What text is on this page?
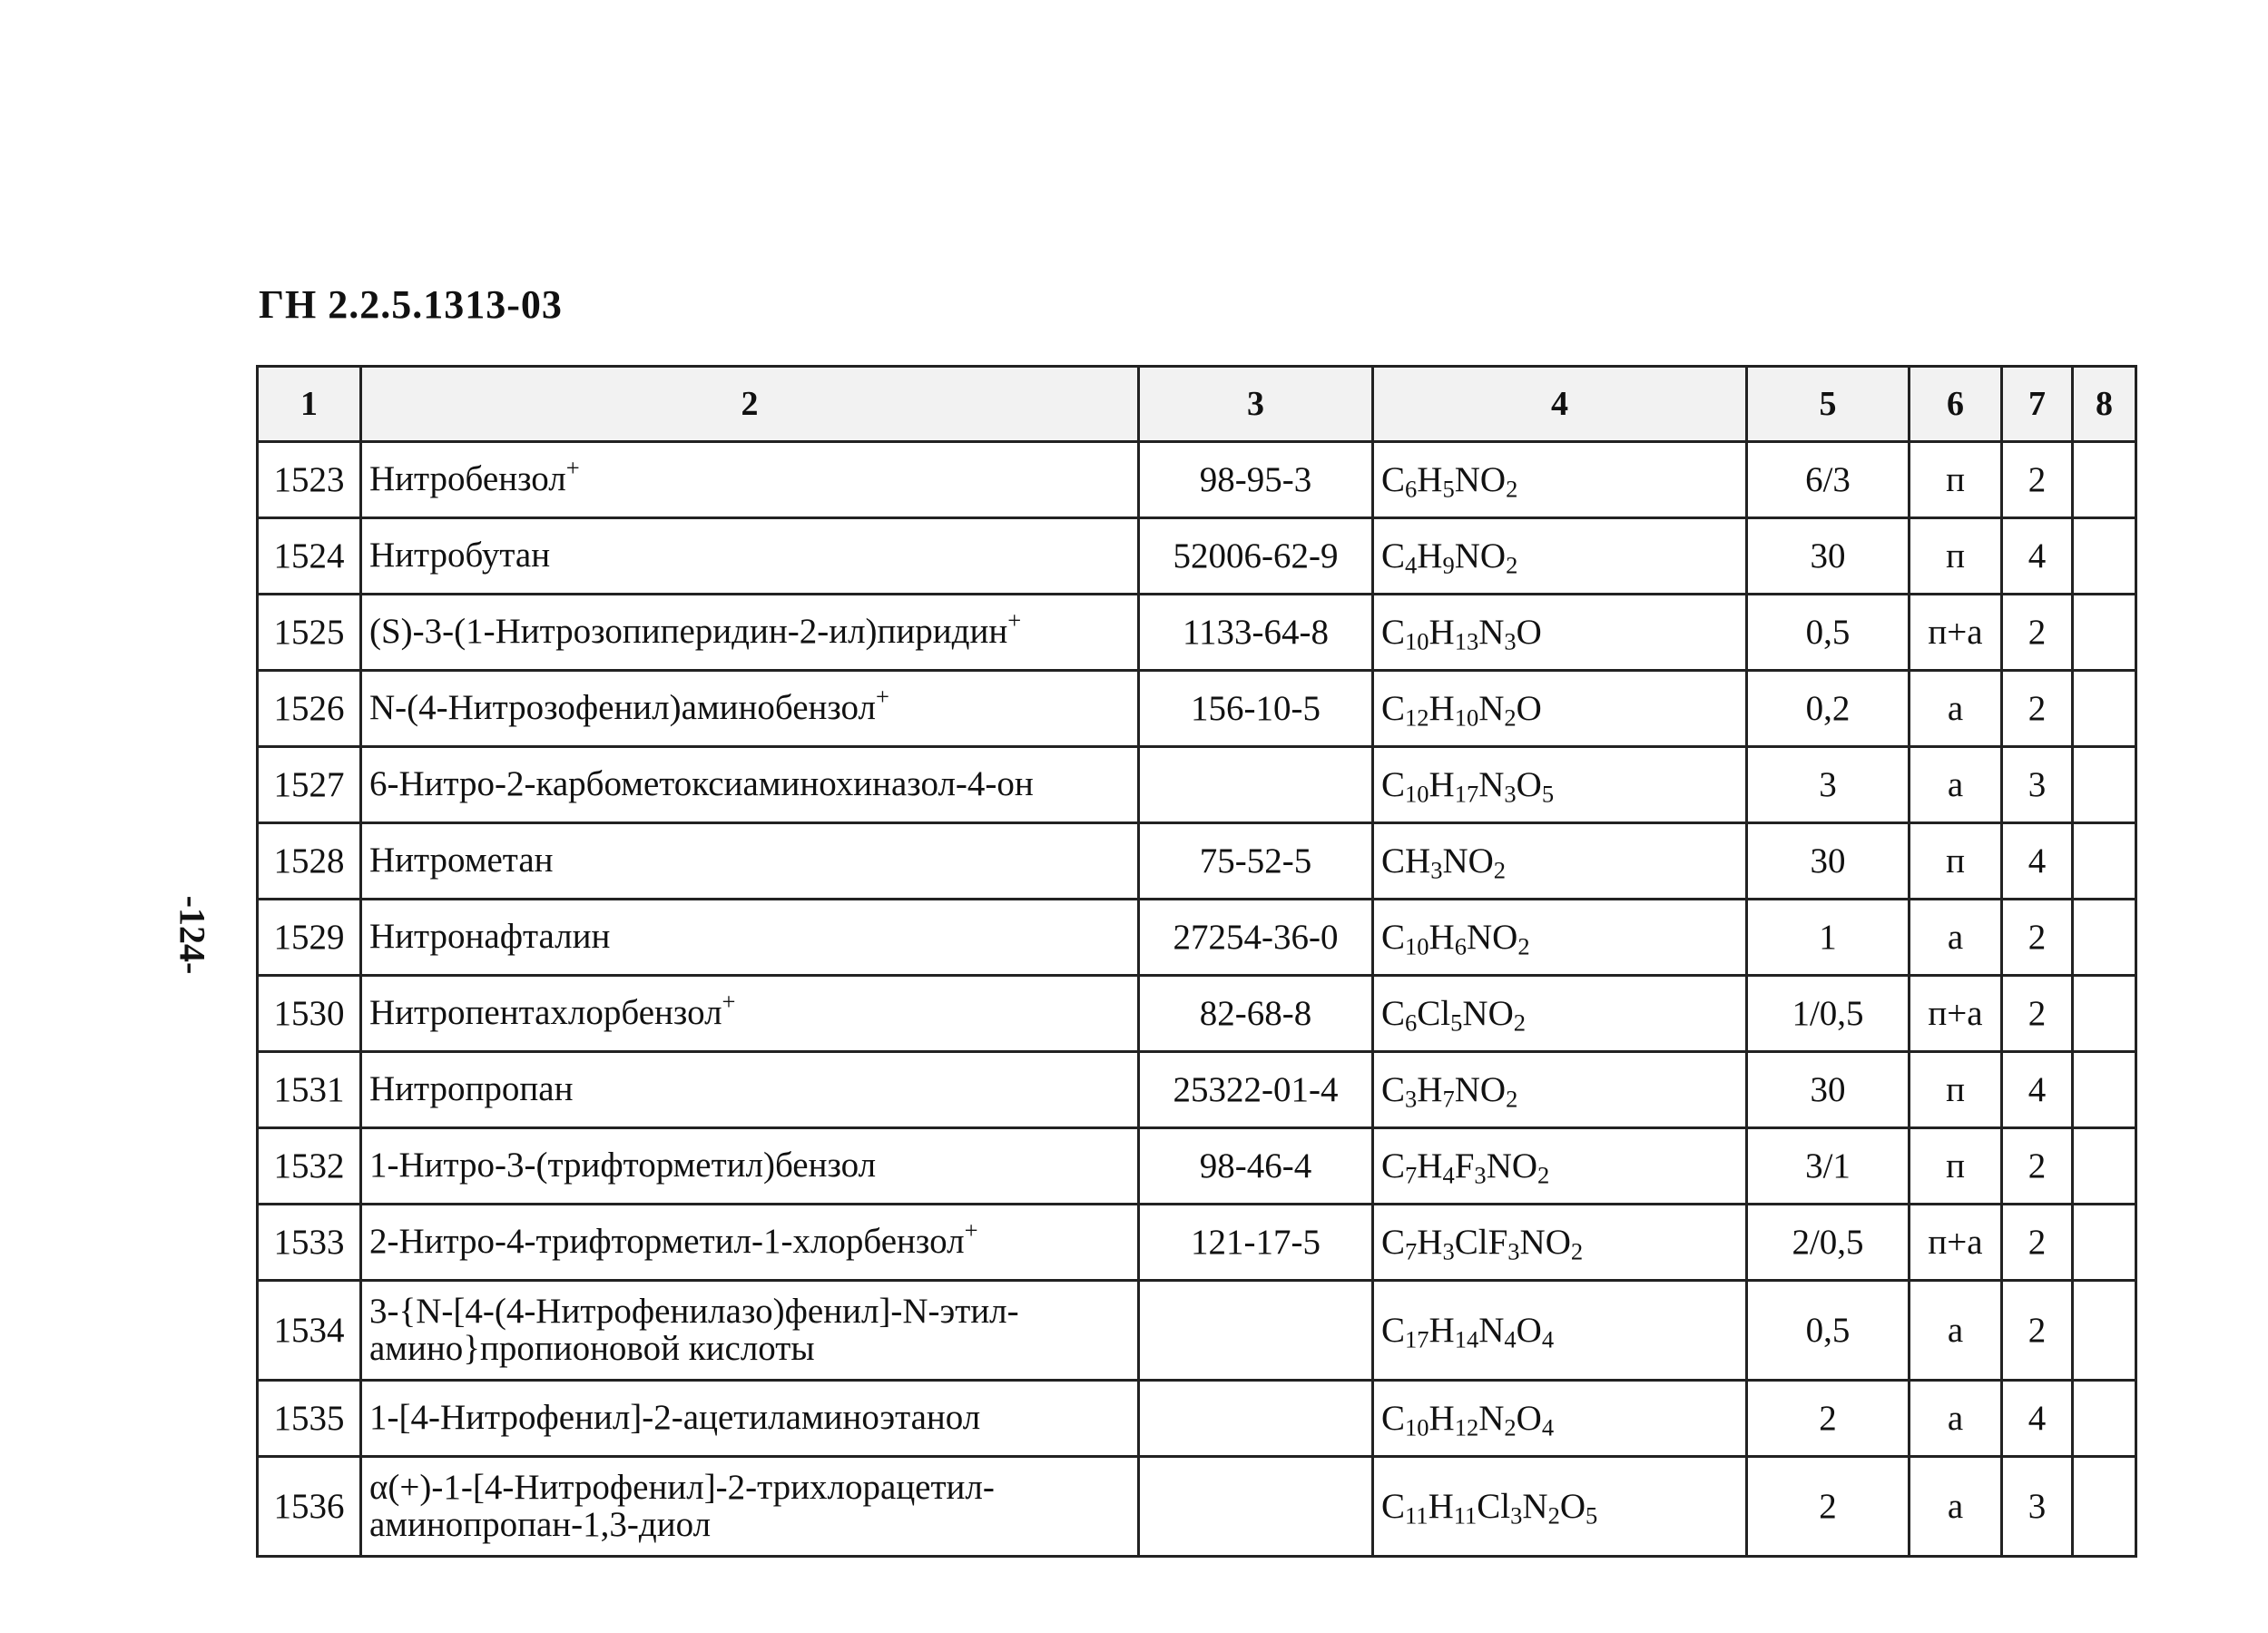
ГН 2.2.5.1313-03
-124-
1	2	3	4	5	6	7	8
1523	Нитробензол+	98-95-3	$C_6H_5NO_2$	6/3	п	2	
1524	Нитробутан	52006-62-9	$C_4H_9NO_2$	30	п	4	
1525	(S)-3-(1-Нитрозопиперидин-2-ил)пиридин+	1133-64-8	$C_{10}H_{13}N_3O$	0,5	п+а	2	
1526	N-(4-Нитрозофенил)аминобензол+	156-10-5	$C_{12}H_{10}N_2O$	0,2	а	2	
1527	6-Нитро-2-карбометоксиаминохиназол-4-он		$C_{10}H_{17}N_3O_5$	3	а	3	
1528	Нитрометан	75-52-5	$CH_3NO_2$	30	п	4	
1529	Нитронафталин	27254-36-0	$C_{10}H_6NO_2$	1	а	2	
1530	Нитропентахлорбензол+	82-68-8	$C_6Cl_5NO_2$	1/0,5	п+а	2	
1531	Нитропропан	25322-01-4	$C_3H_7NO_2$	30	п	4	
1532	1-Нитро-3-(трифторметил)бензол	98-46-4	$C_7H_4F_3NO_2$	3/1	п	2	
1533	2-Нитро-4-трифторметил-1-хлорбензол+	121-17-5	$C_7H_3ClF_3NO_2$	2/0,5	п+а	2	
1534	3-{N-[4-(4-Нитрофенилазо)фенил]-N-этил-
амино}пропионовой кислоты		$C_{17}H_{14}N_4O_4$	0,5	а	2	
1535	1-[4-Нитрофенил]-2-ацетиламиноэтанол		$C_{10}H_{12}N_2O_4$	2	а	4	
1536	α(+)-1-[4-Нитрофенил]-2-трихлорацетил-
аминопропан-1,3-диол		$C_{11}H_{11}Cl_3N_2O_5$	2	а	3	
